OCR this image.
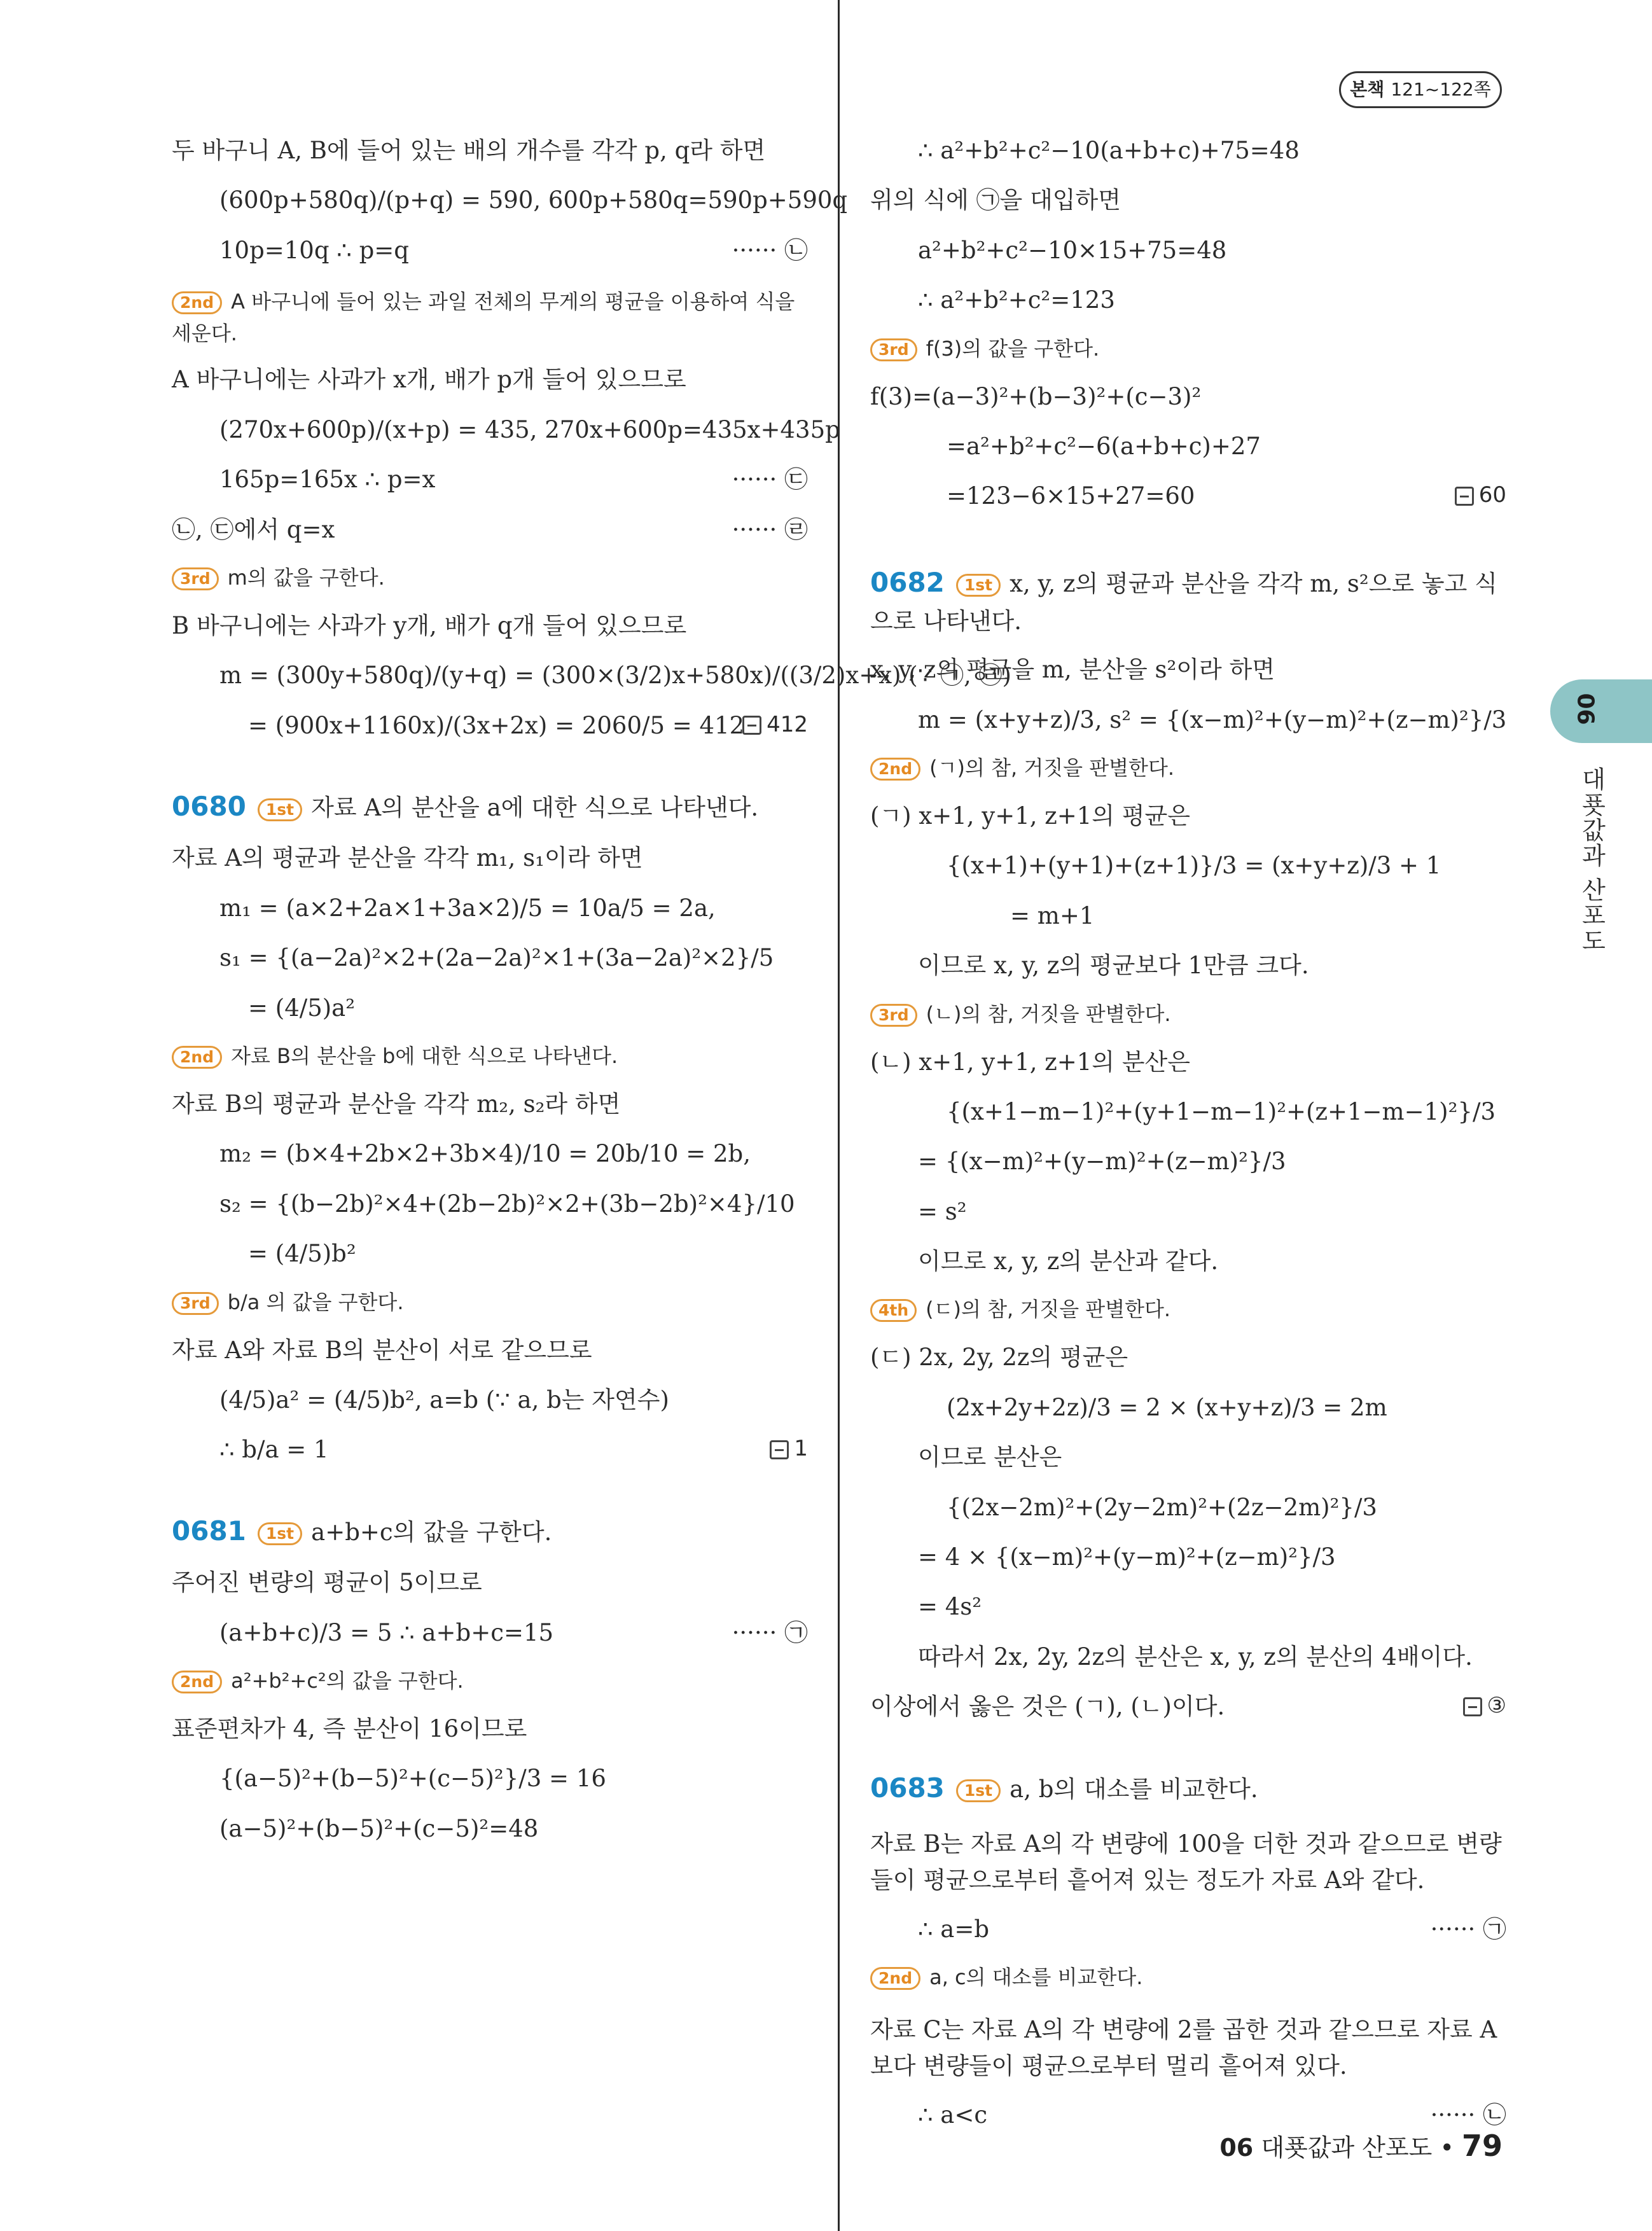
본책 121~122쪽
06
대푯값과 산포도
두 바구니 A, B에 들어 있는 배의 개수를 각각 p, q라 하면
(600p+580q)/(p+q) = 590, 600p+580q=590p+590q
10p=10q ∴ p=q	······ ㉡
2nd A 바구니에 들어 있는 과일 전체의 무게의 평균을 이용하여 식을 세운다.
A 바구니에는 사과가 x개, 배가 p개 들어 있으므로
(270x+600p)/(x+p) = 435, 270x+600p=435x+435p
165p=165x ∴ p=x	······ ㉢
㉡, ㉢에서 q=x	······ ㉣
3rd m의 값을 구한다.
B 바구니에는 사과가 y개, 배가 q개 들어 있으므로
m = (300y+580q)/(y+q) = (300×(3/2)x+580x)/((3/2)x+x) (∵ ㉠, ㉣)
= (900x+1160x)/(3x+2x) = 2060/5 = 412	412
0680 1st 자료 A의 분산을 a에 대한 식으로 나타낸다.
자료 A의 평균과 분산을 각각 m₁, s₁이라 하면
m₁ = (a×2+2a×1+3a×2)/5 = 10a/5 = 2a,
s₁ = {(a−2a)²×2+(2a−2a)²×1+(3a−2a)²×2}/5
= (4/5)a²
2nd 자료 B의 분산을 b에 대한 식으로 나타낸다.
자료 B의 평균과 분산을 각각 m₂, s₂라 하면
m₂ = (b×4+2b×2+3b×4)/10 = 20b/10 = 2b,
s₂ = {(b−2b)²×4+(2b−2b)²×2+(3b−2b)²×4}/10
= (4/5)b²
3rd b/a 의 값을 구한다.
자료 A와 자료 B의 분산이 서로 같으므로
(4/5)a² = (4/5)b², a=b (∵ a, b는 자연수)
∴ b/a = 1	1
0681 1st a+b+c의 값을 구한다.
주어진 변량의 평균이 5이므로
(a+b+c)/3 = 5 ∴ a+b+c=15	······ ㉠
2nd a²+b²+c²의 값을 구한다.
표준편차가 4, 즉 분산이 16이므로
{(a−5)²+(b−5)²+(c−5)²}/3 = 16
(a−5)²+(b−5)²+(c−5)²=48
∴ a²+b²+c²−10(a+b+c)+75=48
위의 식에 ㉠을 대입하면
a²+b²+c²−10×15+75=48
∴ a²+b²+c²=123
3rd f(3)의 값을 구한다.
f(3)=(a−3)²+(b−3)²+(c−3)²
=a²+b²+c²−6(a+b+c)+27
=123−6×15+27=60	60
0682 1st x, y, z의 평균과 분산을 각각 m, s²으로 놓고 식으로 나타낸다.
x, y, z의 평균을 m, 분산을 s²이라 하면
m = (x+y+z)/3, s² = {(x−m)²+(y−m)²+(z−m)²}/3
2nd (ㄱ)의 참, 거짓을 판별한다.
(ㄱ) x+1, y+1, z+1의 평균은
{(x+1)+(y+1)+(z+1)}/3 = (x+y+z)/3 + 1
= m+1
이므로 x, y, z의 평균보다 1만큼 크다.
3rd (ㄴ)의 참, 거짓을 판별한다.
(ㄴ) x+1, y+1, z+1의 분산은
{(x+1−m−1)²+(y+1−m−1)²+(z+1−m−1)²}/3
= {(x−m)²+(y−m)²+(z−m)²}/3
= s²
이므로 x, y, z의 분산과 같다.
4th (ㄷ)의 참, 거짓을 판별한다.
(ㄷ) 2x, 2y, 2z의 평균은
(2x+2y+2z)/3 = 2 × (x+y+z)/3 = 2m
이므로 분산은
{(2x−2m)²+(2y−2m)²+(2z−2m)²}/3
= 4 × {(x−m)²+(y−m)²+(z−m)²}/3
= 4s²
따라서 2x, 2y, 2z의 분산은 x, y, z의 분산의 4배이다.
이상에서 옳은 것은 (ㄱ), (ㄴ)이다.	③
0683 1st a, b의 대소를 비교한다.
자료 B는 자료 A의 각 변량에 100을 더한 것과 같으므로 변량들이 평균으로부터 흩어져 있는 정도가 자료 A와 같다.
∴ a=b	······ ㉠
2nd a, c의 대소를 비교한다.
자료 C는 자료 A의 각 변량에 2를 곱한 것과 같으므로 자료 A보다 변량들이 평균으로부터 멀리 흩어져 있다.
∴ a<c	······ ㉡
06 대푯값과 산포도 • 79
